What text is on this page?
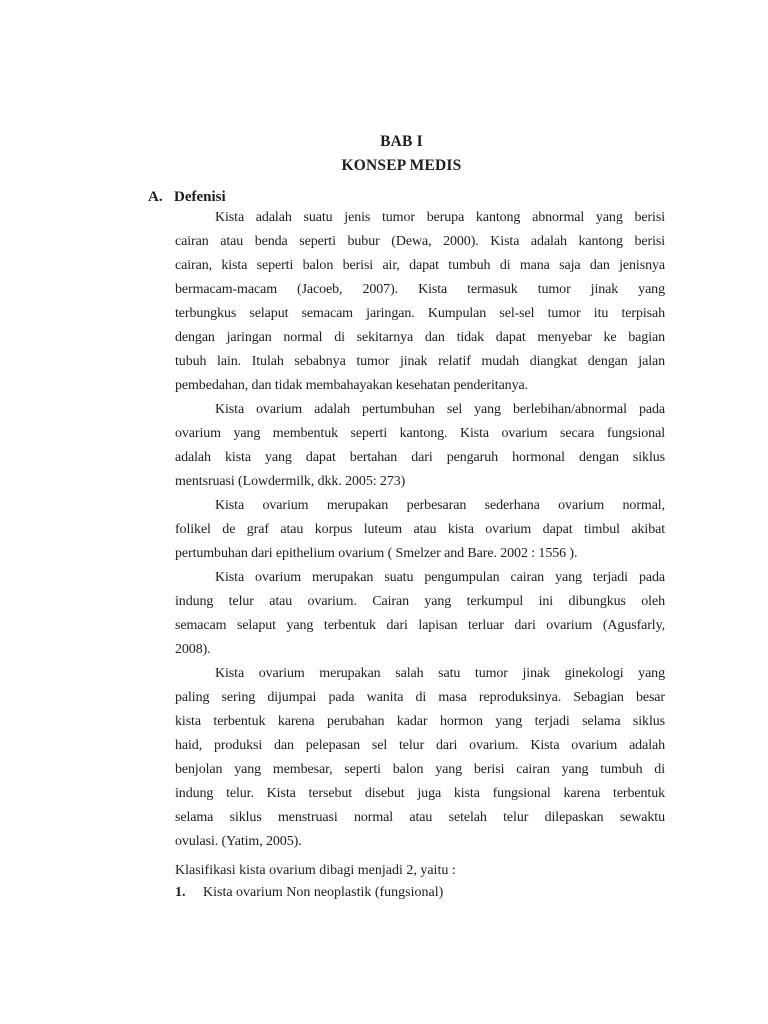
BAB I
KONSEP MEDIS
A. Defenisi
Kista adalah suatu jenis tumor berupa kantong abnormal yang berisi
cairan atau benda seperti bubur (Dewa, 2000). Kista adalah kantong berisi
cairan, kista seperti balon berisi air, dapat tumbuh di mana saja dan jenisnya
bermacam-macam (Jacoeb, 2007). Kista termasuk tumor jinak yang
terbungkus selaput semacam jaringan. Kumpulan sel-sel tumor itu terpisah
dengan jaringan normal di sekitarnya dan tidak dapat menyebar ke bagian
tubuh lain. Itulah sebabnya tumor jinak relatif mudah diangkat dengan jalan
pembedahan, dan tidak membahayakan kesehatan penderitanya.
Kista ovarium adalah pertumbuhan sel yang berlebihan/abnormal pada
ovarium yang membentuk seperti kantong. Kista ovarium secara fungsional
adalah kista yang dapat bertahan dari pengaruh hormonal dengan siklus
mentsruasi (Lowdermilk, dkk. 2005: 273)
Kista ovarium merupakan perbesaran sederhana ovarium normal,
folikel de graf atau korpus luteum atau kista ovarium dapat timbul akibat
pertumbuhan dari epithelium ovarium ( Smelzer and Bare. 2002 : 1556 ).
Kista ovarium merupakan suatu pengumpulan cairan yang terjadi pada
indung telur atau ovarium. Cairan yang terkumpul ini dibungkus oleh
semacam selaput yang terbentuk dari lapisan terluar dari ovarium (Agusfarly,
2008).
Kista ovarium merupakan salah satu tumor jinak ginekologi yang
paling sering dijumpai pada wanita di masa reproduksinya. Sebagian besar
kista terbentuk karena perubahan kadar hormon yang terjadi selama siklus
haid, produksi dan pelepasan sel telur dari ovarium. Kista ovarium adalah
benjolan yang membesar, seperti balon yang berisi cairan yang tumbuh di
indung telur. Kista tersebut disebut juga kista fungsional karena terbentuk
selama siklus menstruasi normal atau setelah telur dilepaskan sewaktu
ovulasi. (Yatim, 2005).
Klasifikasi kista ovarium dibagi menjadi 2, yaitu :
1. Kista ovarium Non neoplastik (fungsional)
